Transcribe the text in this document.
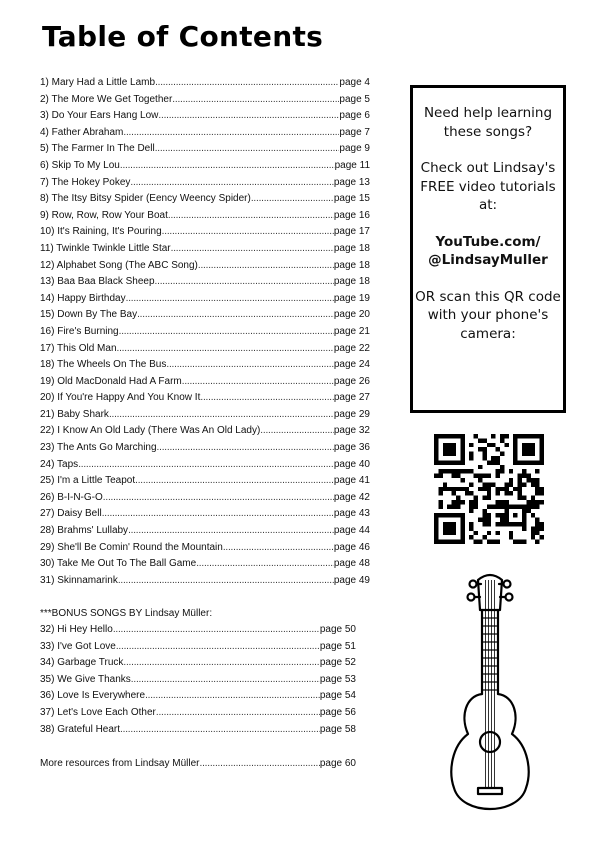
Table of Contents
1) Mary Had a Little Lamb .....	page 4
2) The More We Get Together .....	page 5
3) Do Your Ears Hang Low .....	page 6
4) Father Abraham .....	page 7
5) The Farmer In The Dell .....	page 9
6) Skip To My Lou .....	page 11
7) The Hokey Pokey .....	page 13
8) The Itsy Bitsy Spider (Eency Weency Spider) .....	page 15
9) Row, Row, Row Your Boat .....	page 16
10) It's Raining, It's Pouring .....	page 17
11) Twinkle Twinkle Little Star .....	page 18
12) Alphabet Song (The ABC Song) .....	page 18
13) Baa Baa Black Sheep .....	page 18
14) Happy Birthday .....	page 19
15) Down By The Bay .....	page 20
16) Fire's Burning .....	page 21
17) This Old Man .....	page 22
18) The Wheels On The Bus .....	page 24
19) Old MacDonald Had A Farm .....	page 26
20) If You're Happy And You Know It .....	page 27
21) Baby Shark .....	page 29
22) I Know An Old Lady (There Was An Old Lady) .....	page 32
23) The Ants Go Marching .....	page 36
24) Taps .....	page 40
25) I'm a Little Teapot .....	page 41
26) B-I-N-G-O .....	page 42
27) Daisy Bell .....	page 43
28) Brahms' Lullaby .....	page 44
29) She'll Be Comin' Round the Mountain .....	page 46
30) Take Me Out To The Ball Game .....	page 48
31) Skinnamarink .....	page 49
***BONUS SONGS BY Lindsay Müller:
32) Hi Hey Hello .....	page 50
33) I've Got Love .....	page 51
34) Garbage Truck .....	page 52
35) We Give Thanks .....	page 53
36) Love Is Everywhere .....	page 54
37) Let's Love Each Other .....	page 56
38) Grateful Heart .....	page 58
More resources from Lindsay Müller .....	page 60
Need help learning these songs?
Check out Lindsay's FREE video tutorials at:
YouTube.com/
@LindsayMuller
OR scan this QR code with your phone's camera:
